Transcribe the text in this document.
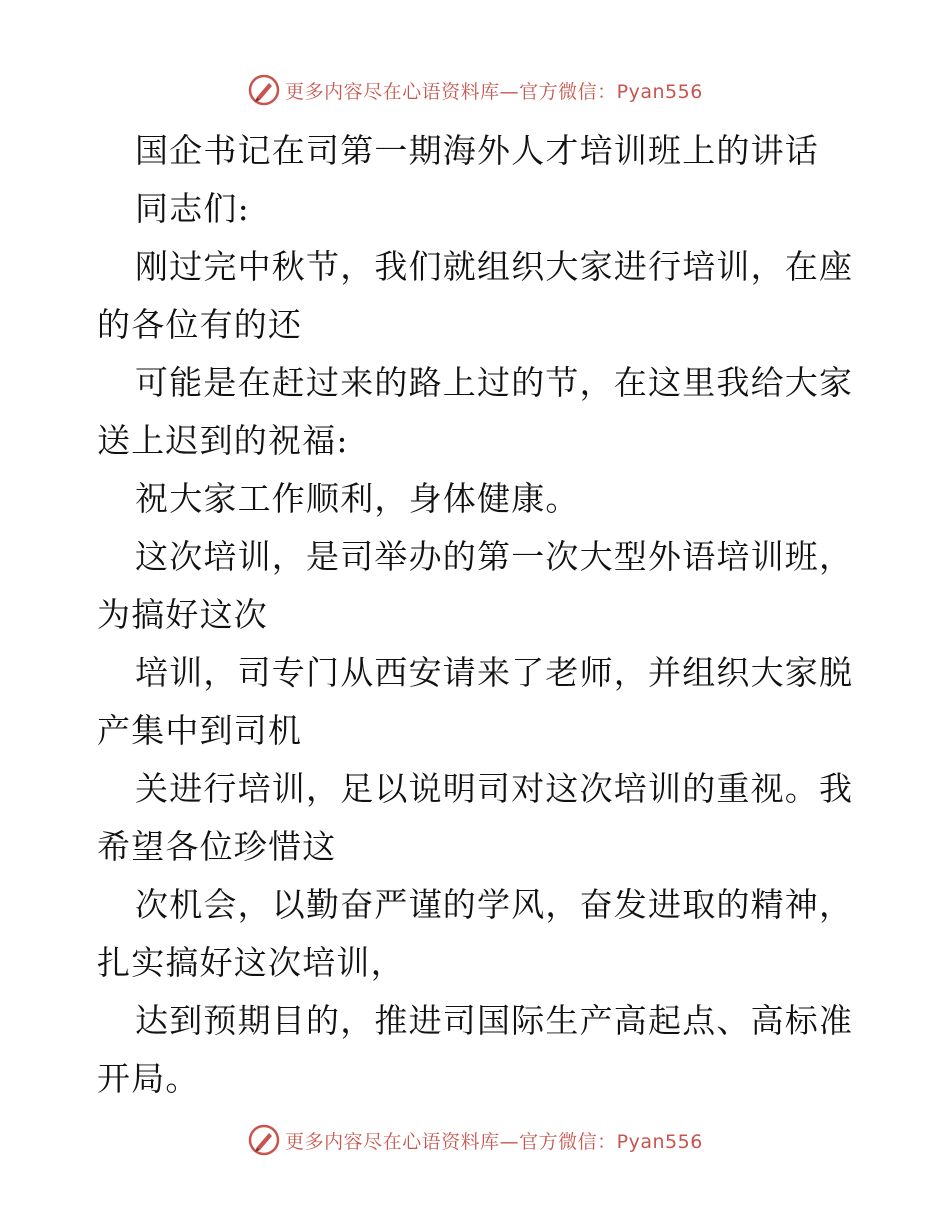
更多内容尽在心语资料库—官方微信：Pyan556

国企书记在司第一期海外人才培训班上的讲话

同志们:

刚过完中秋节，我们就组织大家进行培训，在座的各位有的还

可能是在赶过来的路上过的节，在这里我给大家送上迟到的祝福:

祝大家工作顺利，身体健康。

这次培训，是司举办的第一次大型外语培训班，为搞好这次

培训，司专门从西安请来了老师，并组织大家脱产集中到司机

关进行培训，足以说明司对这次培训的重视。我希望各位珍惜这

次机会，以勤奋严谨的学风，奋发进取的精神，扎实搞好这次培训，

达到预期目的，推进司国际生产高起点、高标准开局。

更多内容尽在心语资料库—官方微信：Pyan556
